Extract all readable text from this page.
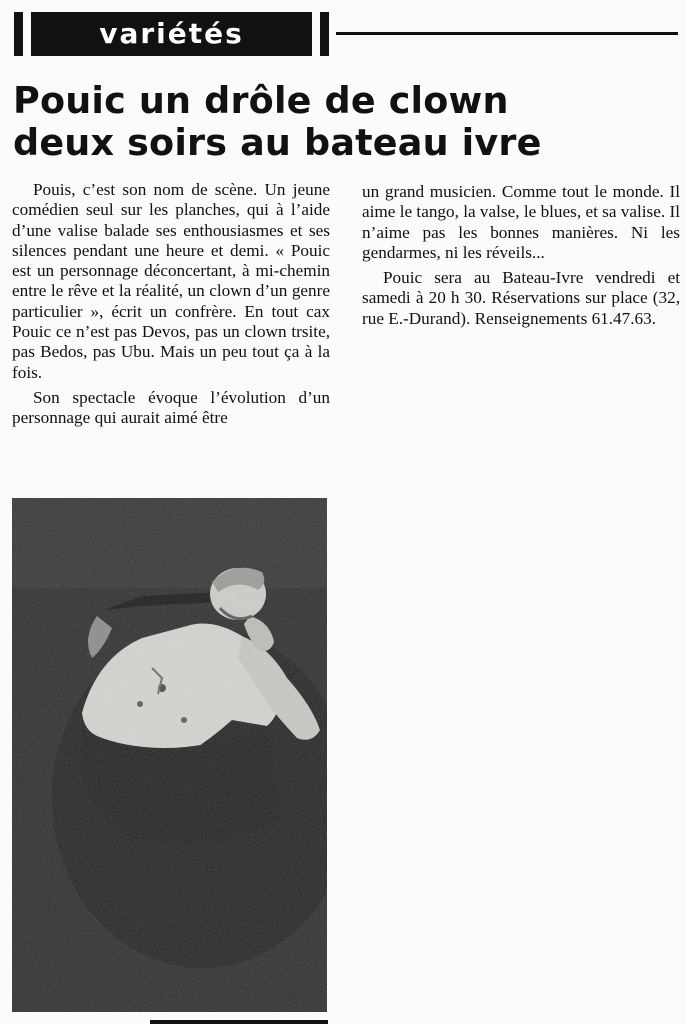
variétés
Pouic un drôle de clown
deux soirs au bateau ivre

Pouis, c’est son nom de scène. Un jeune comédien seul sur les planches, qui à l’aide d’une valise balade ses enthousiasmes et ses silences pendant une heure et demi. « Pouic est un personnage déconcertant, à mi-chemin entre le rêve et la réalité, un clown d’un genre particulier », écrit un confrère. En tout cax Pouic ce n’est pas Devos, pas un clown trsite, pas Bedos, pas Ubu. Mais un peu tout ça à la fois.

Son spectacle évoque l’évolution d’un personnage qui aurait aimé être

un grand musicien. Comme tout le monde. Il aime le tango, la valse, le blues, et sa valise. Il n’aime pas les bonnes manières. Ni les gendarmes, ni les réveils...

Pouic sera au Bateau-Ivre vendredi et samedi à 20 h 30. Réservations sur place (32, rue E.-Durand). Renseignements 61.47.63.
